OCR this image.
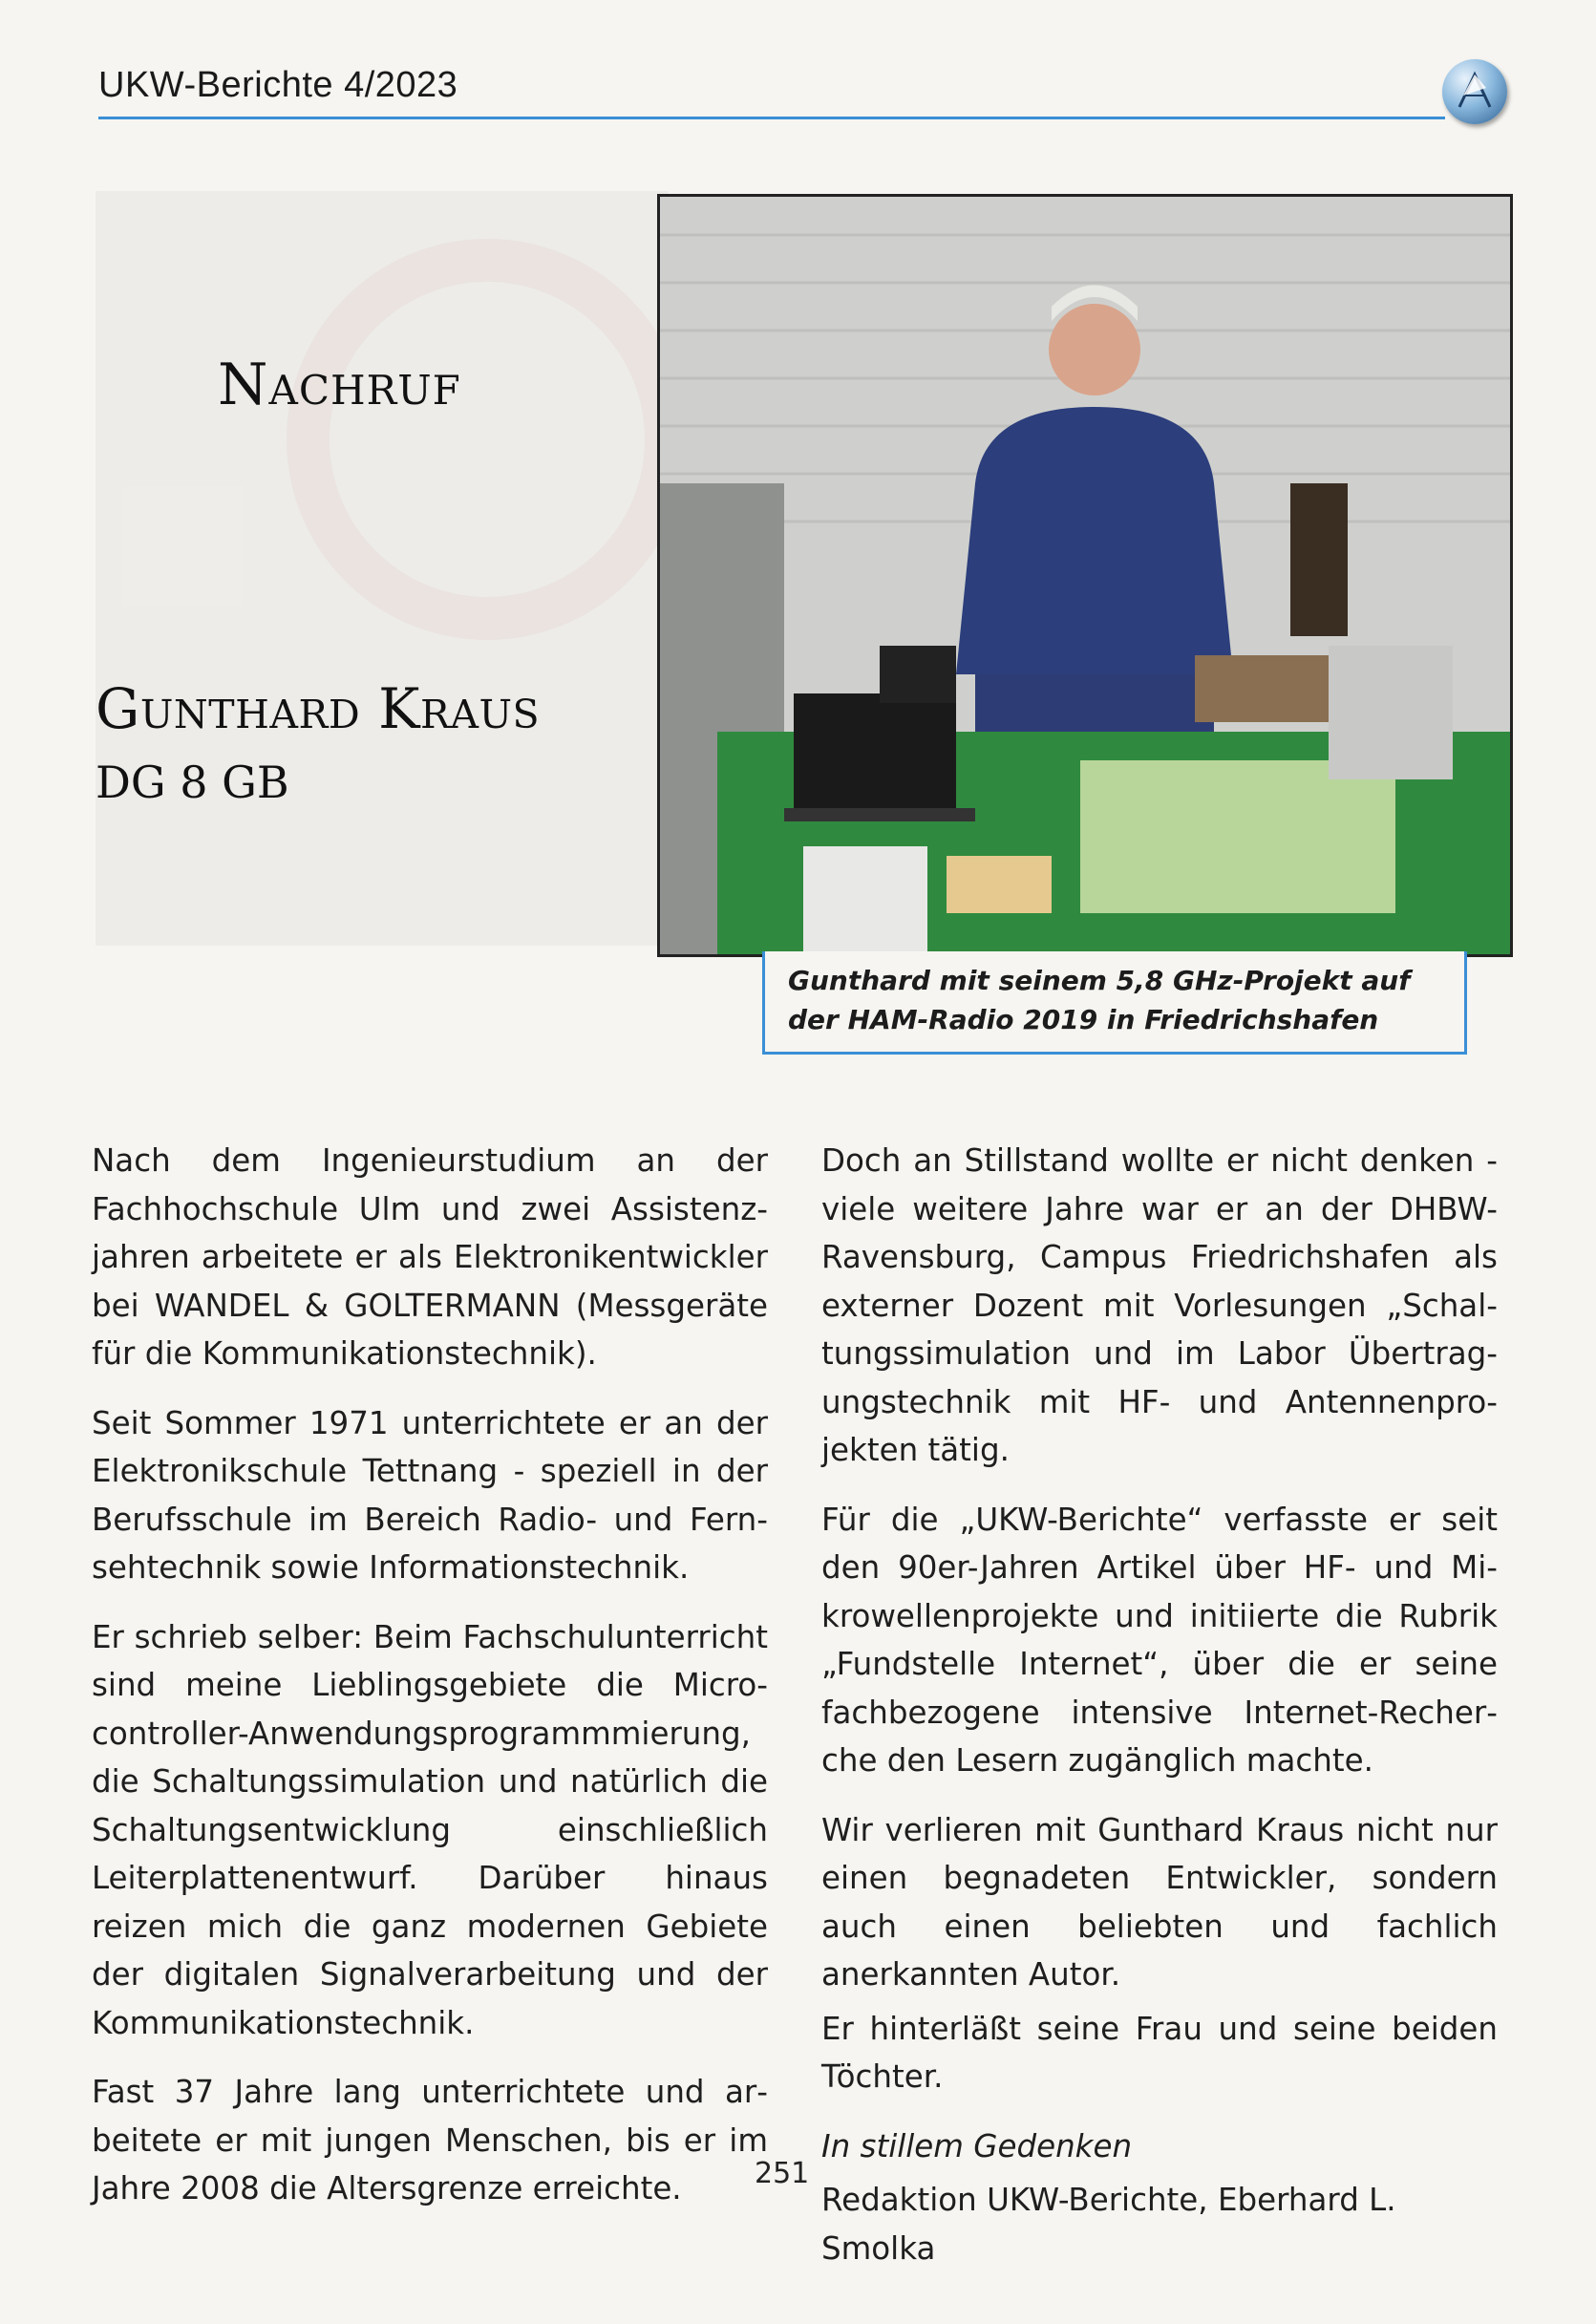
UKW-Berichte 4/2023
Nachruf
Gunthard Kraus
DG 8 GB
Gunthard mit seinem 5,8 GHz-Projekt auf der HAM-Radio 2019 in Friedrichshafen

Nach dem Ingenieurstudium an der Fachhochschule Ulm und zwei Assistenzjahren arbeitete er als Elektronikentwickler bei WANDEL & GOLTERMANN (Messgeräte für die Kommunikationstechnik).

Seit Sommer 1971 unterrichtete er an der Elektronikschule Tettnang - speziell in der Berufsschule im Bereich Radio- und Fernsehtechnik sowie Informationstechnik.

Er schrieb selber: Beim Fachschulunterricht sind meine Lieblingsgebiete die Microcontroller-Anwendungsprogrammmierung, die Schaltungssimulation und natürlich die Schaltungsentwicklung einschließlich Leiterplattenentwurf. Darüber hinaus reizen mich die ganz modernen Gebiete der digitalen Signalverarbeitung und der Kommunikationstechnik.

Fast 37 Jahre lang unterrichtete und arbeitete er mit jungen Menschen, bis er im Jahre 2008 die Altersgrenze erreichte.

Doch an Stillstand wollte er nicht denken - viele weitere Jahre war er an der DHBW-Ravensburg, Campus Friedrichshafen als externer Dozent mit Vorlesungen „Schaltungssimulation und im Labor Übertragungstechnik mit HF- und Antennenprojekten tätig.

Für die „UKW-Berichte“ verfasste er seit den 90er-Jahren Artikel über HF- und Mikrowellenprojekte und initiierte die Rubrik „Fundstelle Internet“, über die er seine fachbezogene intensive Internet-Recherche den Lesern zugänglich machte.

Wir verlieren mit Gunthard Kraus nicht nur einen begnadeten Entwickler, sondern auch einen beliebten und fachlich anerkannten Autor.

Er hinterläßt seine Frau und seine beiden Töchter.

In stillem Gedenken

Redaktion UKW-Berichte, Eberhard L. Smolka

251
